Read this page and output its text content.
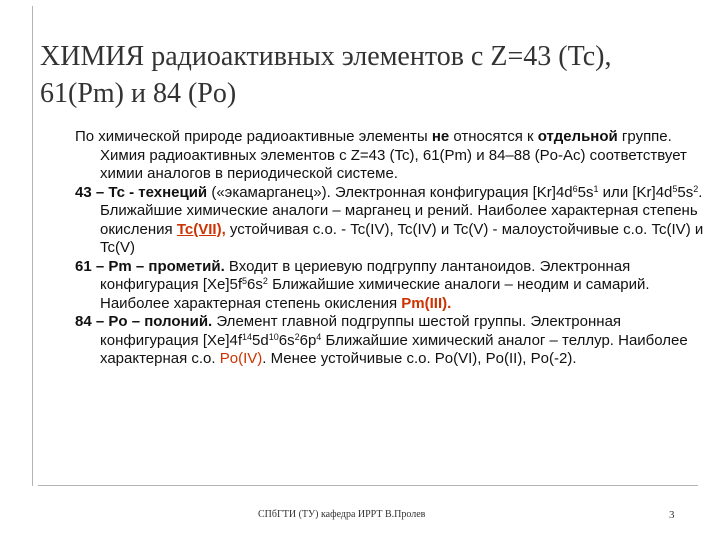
ХИМИЯ радиоактивных элементов с Z=43 (Tc), 61(Pm) и 84 (Po)

По химической природе радиоактивные элементы не относятся к отдельной группе. Химия радиоактивных элементов с Z=43 (Tc), 61(Pm) и 84–88 (Po-Ac) соответствует химии аналогов в периодической системе.

43 – Тс - технеций («экамарганец»). Электронная конфигурация $[Kr]4d^65s^1$ или $[Kr]4d^55s^2$. Ближайшие химические аналоги – марганец и рений. Наиболее характерная степень окисления Tc(VII), устойчивая с.о. - Tc(IV), Tc(IV) и Tc(V) - малоустойчивые с.о. Tc(IV) и Tc(V)

61 – Pm – прометий. Входит в цериевую подгруппу лантаноидов. Электронная конфигурация $[Xe]5f^56s^2$ Ближайшие химические аналоги – неодим и самарий. Наиболее характерная степень окисления Pm(III).

84 – Po – полоний. Элемент главной подгруппы шестой группы. Электронная конфигурация $[Xe]4f^{14}5d^{10}6s^26p^4$ Ближайшие химический аналог – теллур. Наиболее характерная с.о. Po(IV). Менее устойчивые с.о. Po(VI), Po(II), Po(-2).

СПбГТИ (ТУ) кафедра ИРРТ В.Пролев	3
